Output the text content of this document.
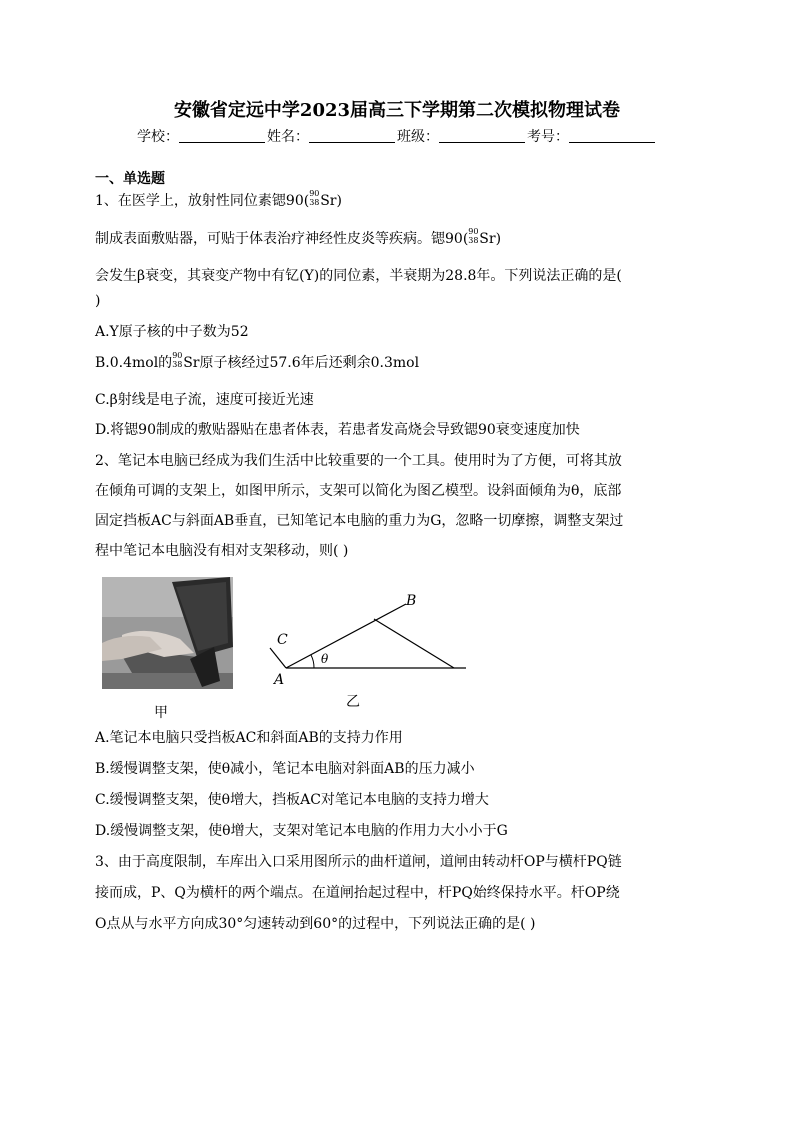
安徽省定远中学2023届高三下学期第二次模拟物理试卷
学校：	姓名：	班级：	考号：
一、单选题
1、在医学上，放射性同位素锶90( 90
38 Sr)
制成表面敷贴器，可贴于体表治疗神经性皮炎等疾病。锶90( 90
38 Sr)
会发生β衰变，其衰变产物中有钇(Y)的同位素，半衰期为28.8年。下列说法正确的是(
)
A.Y原子核的中子数为52
B.0.4mol的 90
38 Sr原子核经过57.6年后还剩余0.3mol
C.β射线是电子流，速度可接近光速
D.将锶90制成的敷贴器贴在患者体表，若患者发高烧会导致锶90衰变速度加快
2、笔记本电脑已经成为我们生活中比较重要的一个工具。使用时为了方便，可将其放
在倾角可调的支架上，如图甲所示，支架可以简化为图乙模型。设斜面倾角为θ，底部
固定挡板AC与斜面AB垂直，已知笔记本电脑的重力为G，忽略一切摩擦，调整支架过
程中笔记本电脑没有相对支架移动，则( )
甲
C
A
B
θ
乙
A.笔记本电脑只受挡板AC和斜面AB的支持力作用
B.缓慢调整支架，使θ减小，笔记本电脑对斜面AB的压力减小
C.缓慢调整支架，使θ增大，挡板AC对笔记本电脑的支持力增大
D.缓慢调整支架，使θ增大，支架对笔记本电脑的作用力大小小于G
3、由于高度限制，车库出入口采用图所示的曲杆道闸，道闸由转动杆OP与横杆PQ链
接而成，P、Q为横杆的两个端点。在道闸抬起过程中，杆PQ始终保持水平。杆OP绕
O点从与水平方向成30°匀速转动到60°的过程中，下列说法正确的是( )
